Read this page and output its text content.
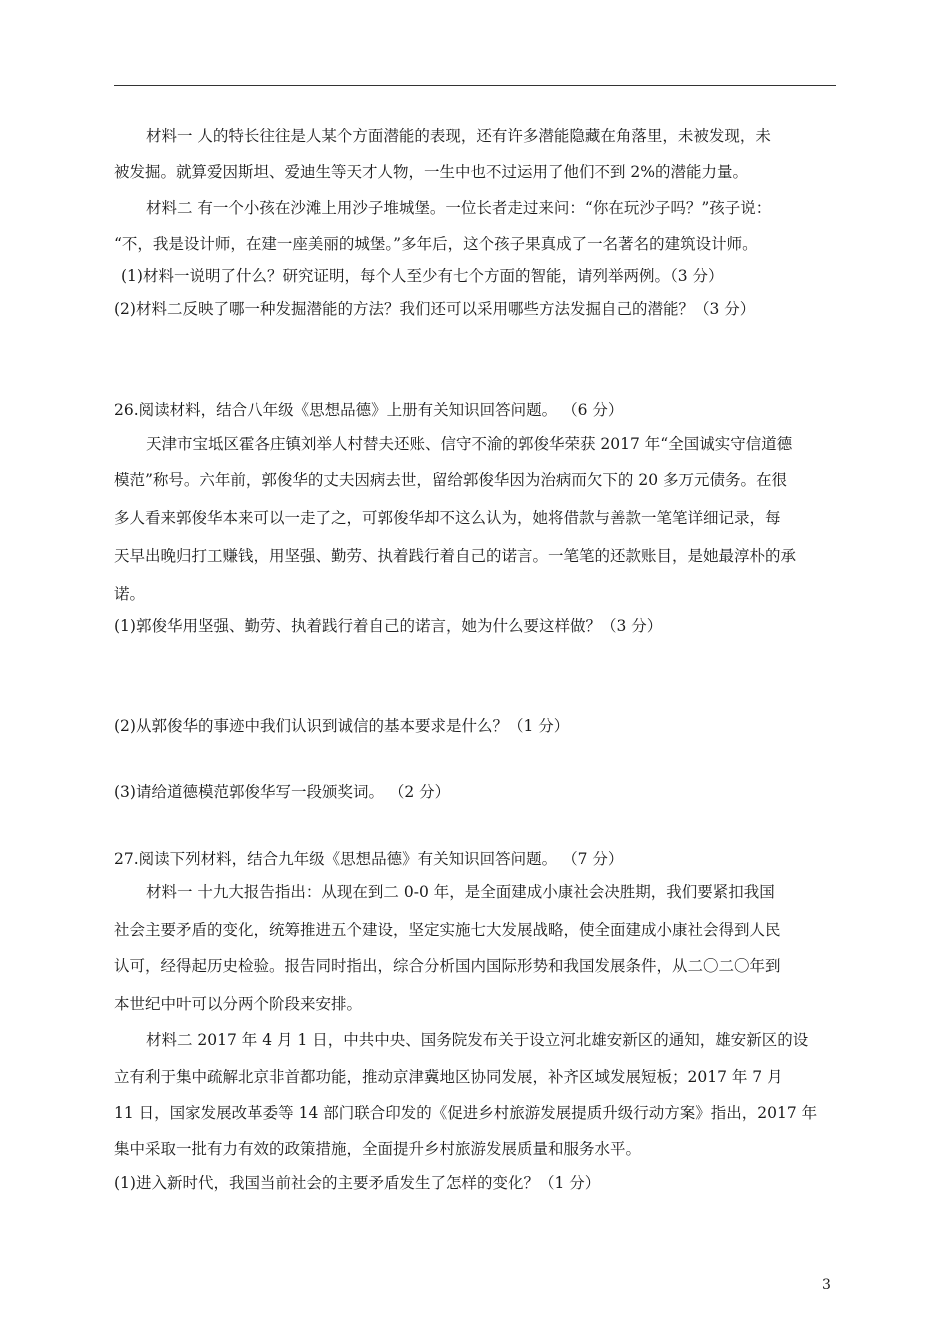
材料一 人的特长往往是人某个方面潜能的表现，还有许多潜能隐藏在角落里，未被发现，未
被发掘。就算爱因斯坦、爱迪生等天才人物，一生中也不过运用了他们不到 2%的潜能力量。
材料二 有一个小孩在沙滩上用沙子堆城堡。一位长者走过来问：“你在玩沙子吗？”孩子说：
“不，我是设计师，在建一座美丽的城堡。”多年后，这个孩子果真成了一名著名的建筑设计师。
(1)材料一说明了什么？研究证明，每个人至少有七个方面的智能，请列举两例。（3 分）
(2)材料二反映了哪一种发掘潜能的方法？我们还可以采用哪些方法发掘自己的潜能？（3 分）
26.阅读材料，结合八年级《思想品德》上册有关知识回答问题。 （6 分）
天津市宝坻区霍各庄镇刘举人村替夫还账、信守不渝的郭俊华荣获 2017 年“全国诚实守信道德
模范”称号。六年前，郭俊华的丈夫因病去世，留给郭俊华因为治病而欠下的 20 多万元债务。在很
多人看来郭俊华本来可以一走了之，可郭俊华却不这么认为，她将借款与善款一笔笔详细记录，每
天早出晚归打工赚钱，用坚强、勤劳、执着践行着自己的诺言。一笔笔的还款账目，是她最淳朴的承
诺。
(1)郭俊华用坚强、勤劳、执着践行着自己的诺言，她为什么要这样做？（3 分）
(2)从郭俊华的事迹中我们认识到诚信的基本要求是什么？（1 分）
(3)请给道德模范郭俊华写一段颁奖词。 （2 分）
27.阅读下列材料，结合九年级《思想品德》有关知识回答问题。 （7 分）
材料一 十九大报告指出：从现在到二 0-0 年，是全面建成小康社会决胜期，我们要紧扣我国
社会主要矛盾的变化，统筹推进五个建设，坚定实施七大发展战略，使全面建成小康社会得到人民
认可，经得起历史检验。报告同时指出，综合分析国内国际形势和我国发展条件，从二〇二〇年到
本世纪中叶可以分两个阶段来安排。
材料二 2017 年 4 月 1 日，中共中央、国务院发布关于设立河北雄安新区的通知，雄安新区的设
立有利于集中疏解北京非首都功能，推动京津冀地区协同发展，补齐区域发展短板；2017 年 7 月
11 日，国家发展改革委等 14 部门联合印发的《促进乡村旅游发展提质升级行动方案》指出，2017 年
集中采取一批有力有效的政策措施，全面提升乡村旅游发展质量和服务水平。
(1)进入新时代，我国当前社会的主要矛盾发生了怎样的变化？（1 分）
3
